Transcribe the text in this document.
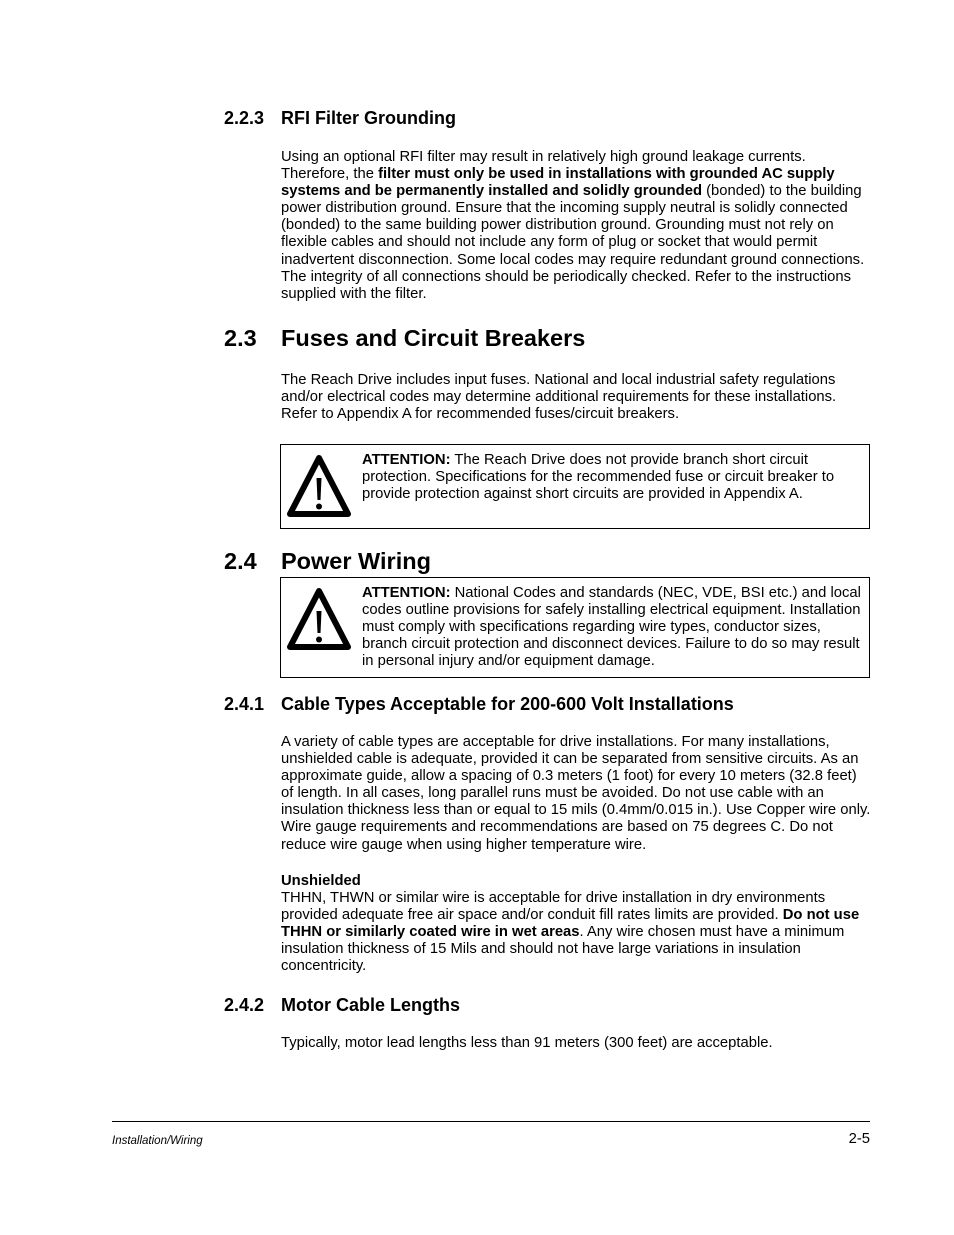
2.2.3 RFI Filter Grounding
Using an optional RFI filter may result in relatively high ground leakage currents. Therefore, the filter must only be used in installations with grounded AC supply systems and be permanently installed and solidly grounded (bonded) to the building power distribution ground. Ensure that the incoming supply neutral is solidly connected (bonded) to the same building power distribution ground. Grounding must not rely on flexible cables and should not include any form of plug or socket that would permit inadvertent disconnection. Some local codes may require redundant ground connections. The integrity of all connections should be periodically checked. Refer to the instructions supplied with the filter.
2.3 Fuses and Circuit Breakers
The Reach Drive includes input fuses. National and local industrial safety regulations and/or electrical codes may determine additional requirements for these installations. Refer to Appendix A for recommended fuses/circuit breakers.
ATTENTION: The Reach Drive does not provide branch short circuit protection. Specifications for the recommended fuse or circuit breaker to provide protection against short circuits are provided in Appendix A.
2.4 Power Wiring
ATTENTION: National Codes and standards (NEC, VDE, BSI etc.) and local codes outline provisions for safely installing electrical equipment. Installation must comply with specifications regarding wire types, conductor sizes, branch circuit protection and disconnect devices. Failure to do so may result in personal injury and/or equipment damage.
2.4.1 Cable Types Acceptable for 200-600 Volt Installations
A variety of cable types are acceptable for drive installations. For many installations, unshielded cable is adequate, provided it can be separated from sensitive circuits. As an approximate guide, allow a spacing of 0.3 meters (1 foot) for every 10 meters (32.8 feet) of length. In all cases, long parallel runs must be avoided. Do not use cable with an insulation thickness less than or equal to 15 mils (0.4mm/0.015 in.). Use Copper wire only. Wire gauge requirements and recommendations are based on 75 degrees C. Do not reduce wire gauge when using higher temperature wire.
Unshielded
THHN, THWN or similar wire is acceptable for drive installation in dry environments provided adequate free air space and/or conduit fill rates limits are provided. Do not use THHN or similarly coated wire in wet areas. Any wire chosen must have a minimum insulation thickness of 15 Mils and should not have large variations in insulation concentricity.
2.4.2 Motor Cable Lengths
Typically, motor lead lengths less than 91 meters (300 feet) are acceptable.
Installation/Wiring	2-5
